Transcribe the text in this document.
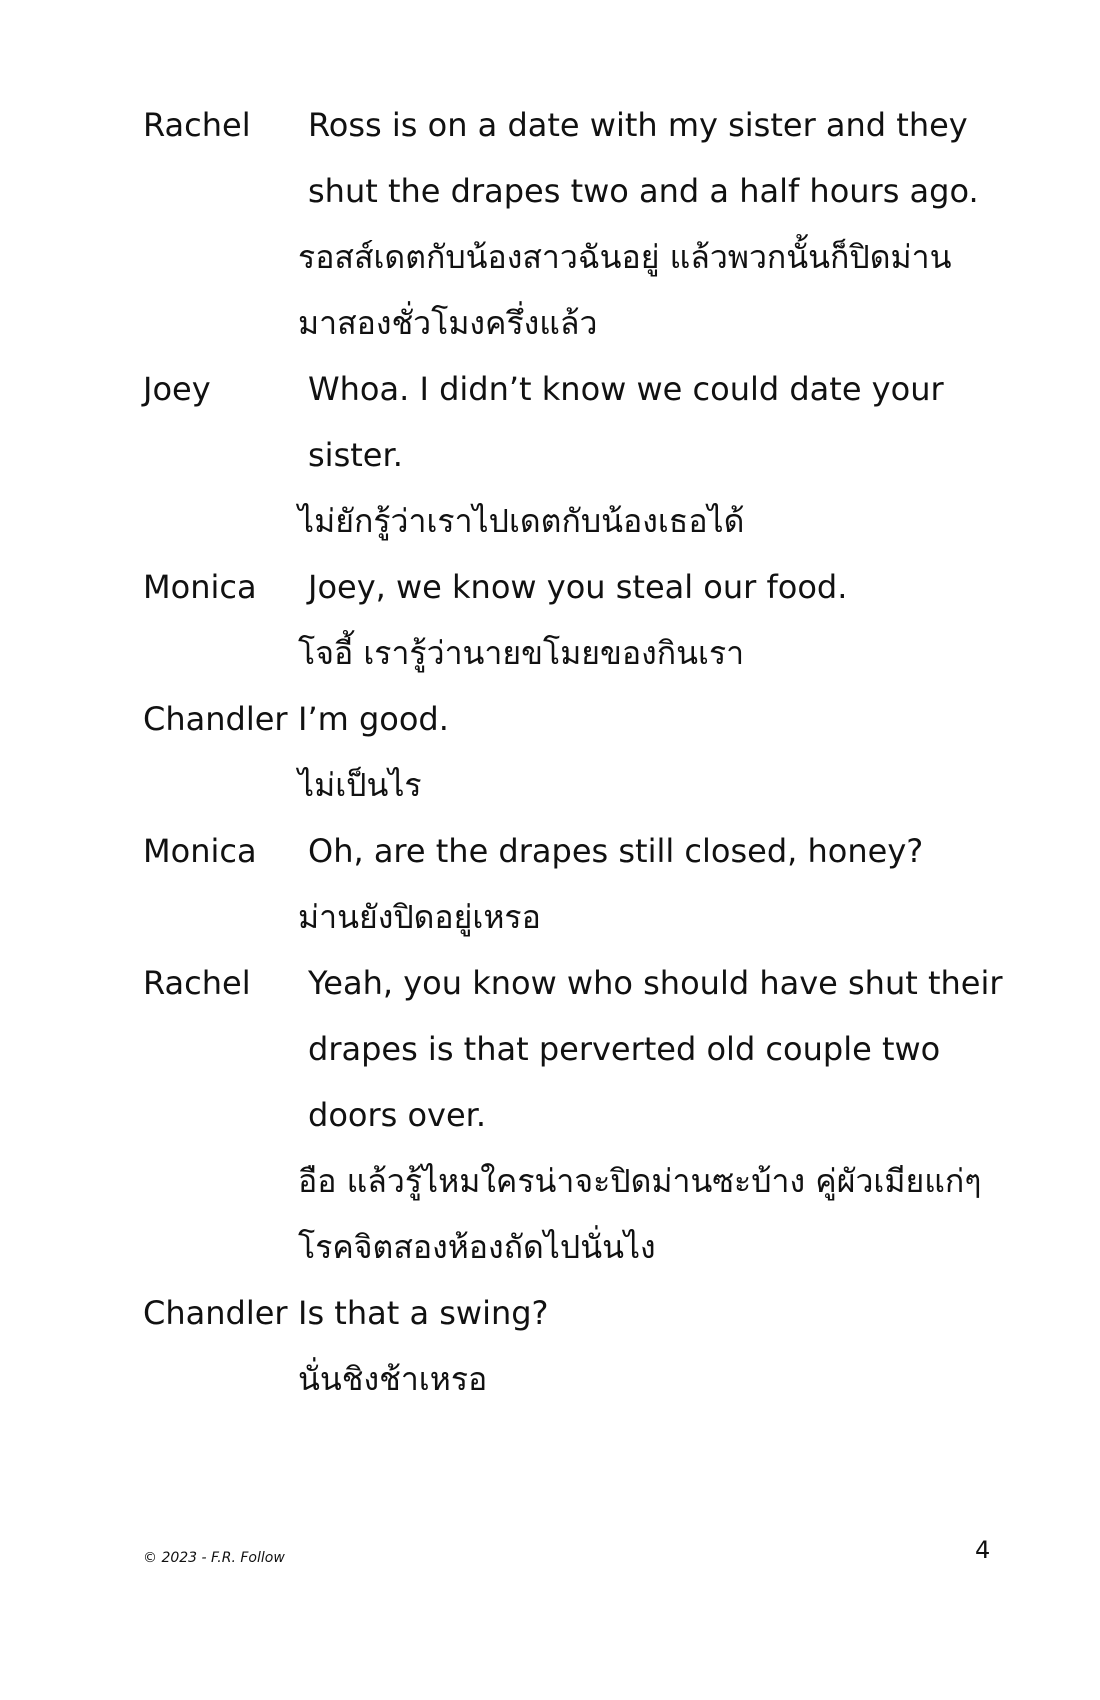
Rachel	Ross is on a date with my sister and they shut the drapes two and a half hours ago.
รอสส์เดตกับน้องสาวฉันอยู่ แล้วพวกนั้นก็ปิดม่านมาสองชั่วโมงครึ่งแล้ว
Joey	Whoa. I didn’t know we could date your sister.
ไม่ยักรู้ว่าเราไปเดตกับน้องเธอได้
Monica	Joey, we know you steal our food.
โจอี้ เรารู้ว่านายขโมยของกินเรา
Chandler I’m good.
ไม่เป็นไร
Monica	Oh, are the drapes still closed, honey?
ม่านยังปิดอยู่เหรอ
Rachel	Yeah, you know who should have shut their drapes is that perverted old couple two doors over.
อือ แล้วรู้ไหมใครน่าจะปิดม่านซะบ้าง คู่ผัวเมียแก่ๆ โรคจิตสองห้องถัดไปนั่นไง
Chandler Is that a swing?
นั่นชิงช้าเหรอ
© 2023 - F.R. Follow	4
